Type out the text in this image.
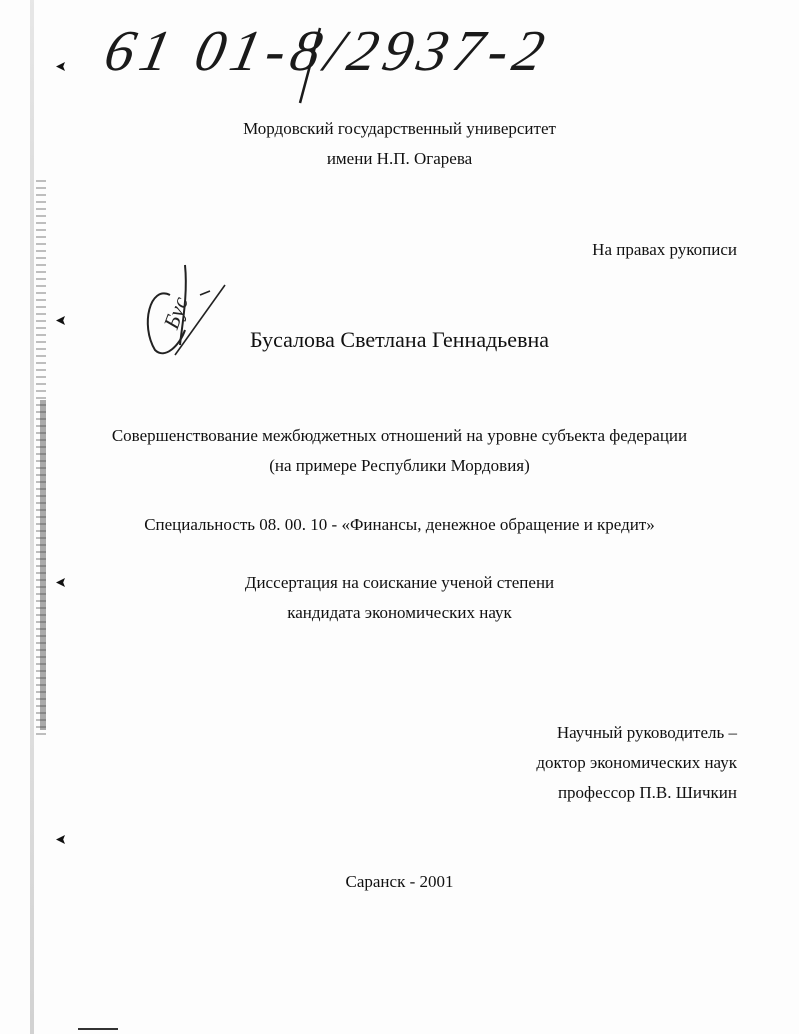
61 01-8/2937-2
Мордовский государственный университет
имени Н.П. Огарева
На правах рукописи
Бус
Бусалова Светлана Геннадьевна
Совершенствование межбюджетных отношений на уровне субъекта федерации
(на примере Республики Мордовия)
Специальность 08. 00. 10 - «Финансы, денежное обращение и кредит»
Диссертация на соискание ученой степени
кандидата экономических наук
Научный руководитель –
доктор экономических наук
профессор П.В. Шичкин
Саранск - 2001
